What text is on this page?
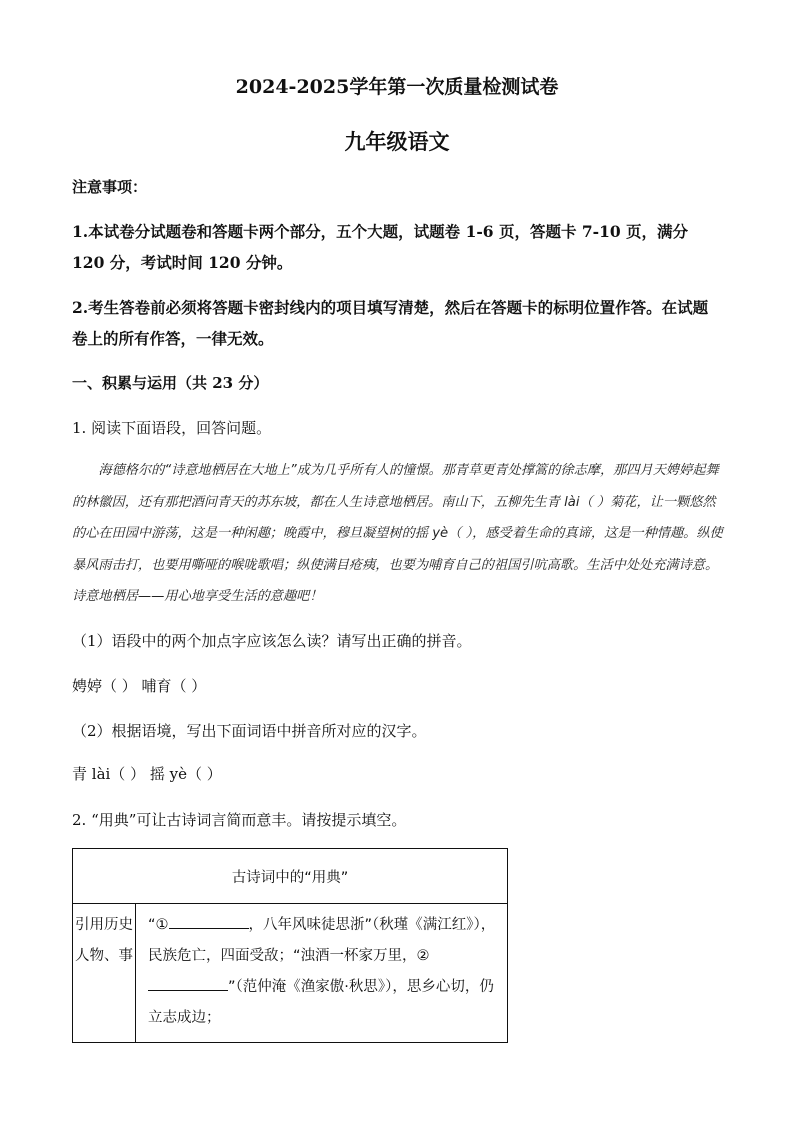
2024-2025学年第一次质量检测试卷
九年级语文
注意事项：
1.本试卷分试题卷和答题卡两个部分，五个大题，试题卷 1-6 页，答题卡 7-10 页，满分 120 分，考试时间 120 分钟。
2.考生答卷前必须将答题卡密封线内的项目填写清楚，然后在答题卡的标明位置作答。在试题卷上的所有作答，一律无效。
一、积累与运用（共 23 分）
1. 阅读下面语段，回答问题。

海德格尔的“诗意地栖居在大地上”成为几乎所有人的憧憬。那青草更青处撑篙的徐志摩，那四月天娉婷起舞的林徽因，还有那把酒问青天的苏东坡，都在人生诗意地栖居。南山下，五柳先生青 lài（ ）菊花，让一颗悠然的心在田园中游荡，这是一种闲趣；晚霞中，穆旦凝望树的摇 yè（ ），感受着生命的真谛，这是一种情趣。纵使暴风雨击打，也要用嘶哑的喉咙歌唱；纵使满目疮痍，也要为哺育自己的祖国引吭高歌。生活中处处充满诗意。诗意地栖居——用心地享受生活的意趣吧！

（1）语段中的两个加点字应该怎么读？请写出正确的拼音。
娉婷（ ） 哺育（ ）
（2）根据语境，写出下面词语中拼音所对应的汉字。
青 lài（ ） 摇 yè（ ）
2. “用典”可让古诗词言简而意丰。请按提示填空。
古诗词中的“用典”
引用历史人物、事	“①	，八年风味徒思浙”（秋瑾《满江红》），民族危亡，四面受敌；“浊酒一杯家万里，②”（范仲淹《渔家傲·秋思》），思乡心切，仍立志成边；
